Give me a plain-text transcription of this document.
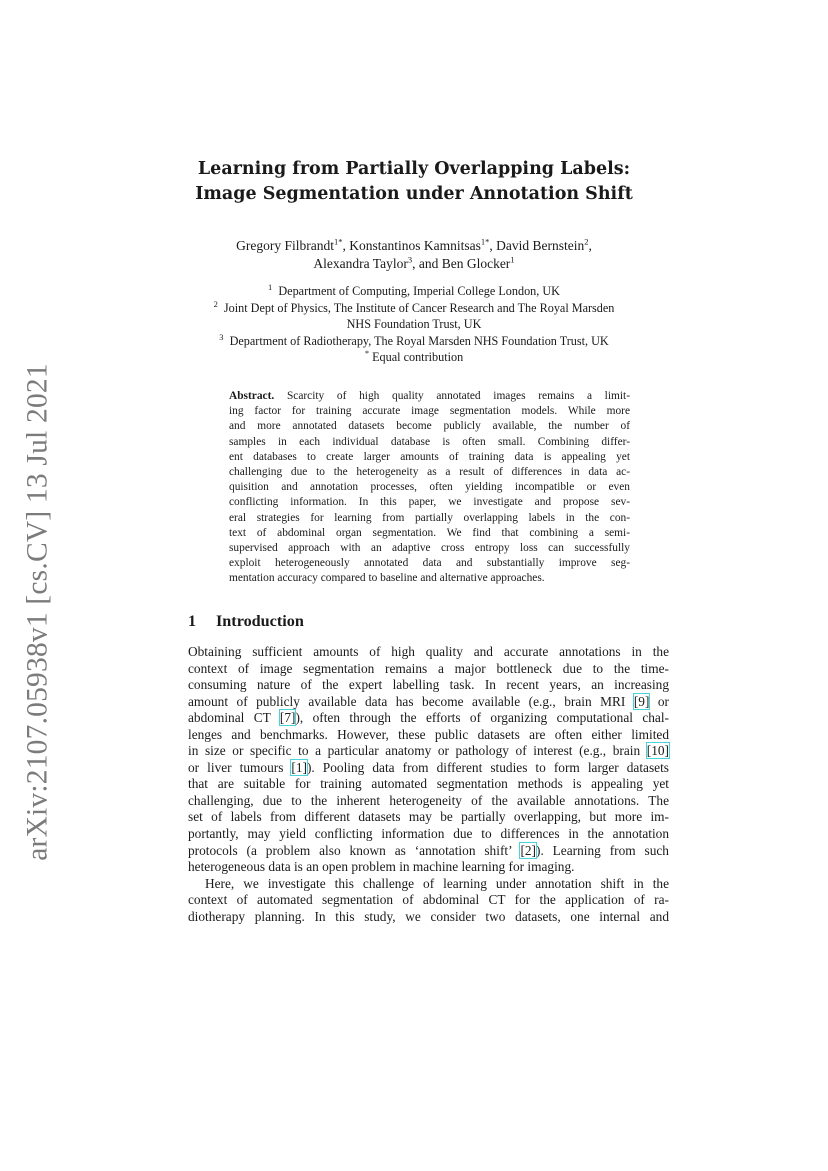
arXiv:2107.05938v1 [cs.CV] 13 Jul 2021
Learning from Partially Overlapping Labels:
Image Segmentation under Annotation Shift
Gregory Filbrandt$^{1*}$, Konstantinos Kamnitsas$^{1*}$, David Bernstein$^2$,
Alexandra Taylor$^3$, and Ben Glocker$^1$
$^1$ Department of Computing, Imperial College London, UK
$^2$ Joint Dept of Physics, The Institute of Cancer Research and The Royal Marsden
NHS Foundation Trust, UK
$^3$ Department of Radiotherapy, The Royal Marsden NHS Foundation Trust, UK
* Equal contribution
Abstract. Scarcity of high quality annotated images remains a limit-
ing factor for training accurate image segmentation models. While more
and more annotated datasets become publicly available, the number of
samples in each individual database is often small. Combining differ-
ent databases to create larger amounts of training data is appealing yet
challenging due to the heterogeneity as a result of differences in data ac-
quisition and annotation processes, often yielding incompatible or even
conflicting information. In this paper, we investigate and propose sev-
eral strategies for learning from partially overlapping labels in the con-
text of abdominal organ segmentation. We find that combining a semi-
supervised approach with an adaptive cross entropy loss can successfully
exploit heterogeneously annotated data and substantially improve seg-
mentation accuracy compared to baseline and alternative approaches.
1 Introduction
Obtaining sufficient amounts of high quality and accurate annotations in the
context of image segmentation remains a major bottleneck due to the time-
consuming nature of the expert labelling task. In recent years, an increasing
amount of publicly available data has become available (e.g., brain MRI [9] or
abdominal CT [7]), often through the efforts of organizing computational chal-
lenges and benchmarks. However, these public datasets are often either limited
in size or specific to a particular anatomy or pathology of interest (e.g., brain [10]
or liver tumours [1]). Pooling data from different studies to form larger datasets
that are suitable for training automated segmentation methods is appealing yet
challenging, due to the inherent heterogeneity of the available annotations. The
set of labels from different datasets may be partially overlapping, but more im-
portantly, may yield conflicting information due to differences in the annotation
protocols (a problem also known as ‘annotation shift’ [2]). Learning from such
heterogeneous data is an open problem in machine learning for imaging.
Here, we investigate this challenge of learning under annotation shift in the
context of automated segmentation of abdominal CT for the application of ra-
diotherapy planning. In this study, we consider two datasets, one internal and
